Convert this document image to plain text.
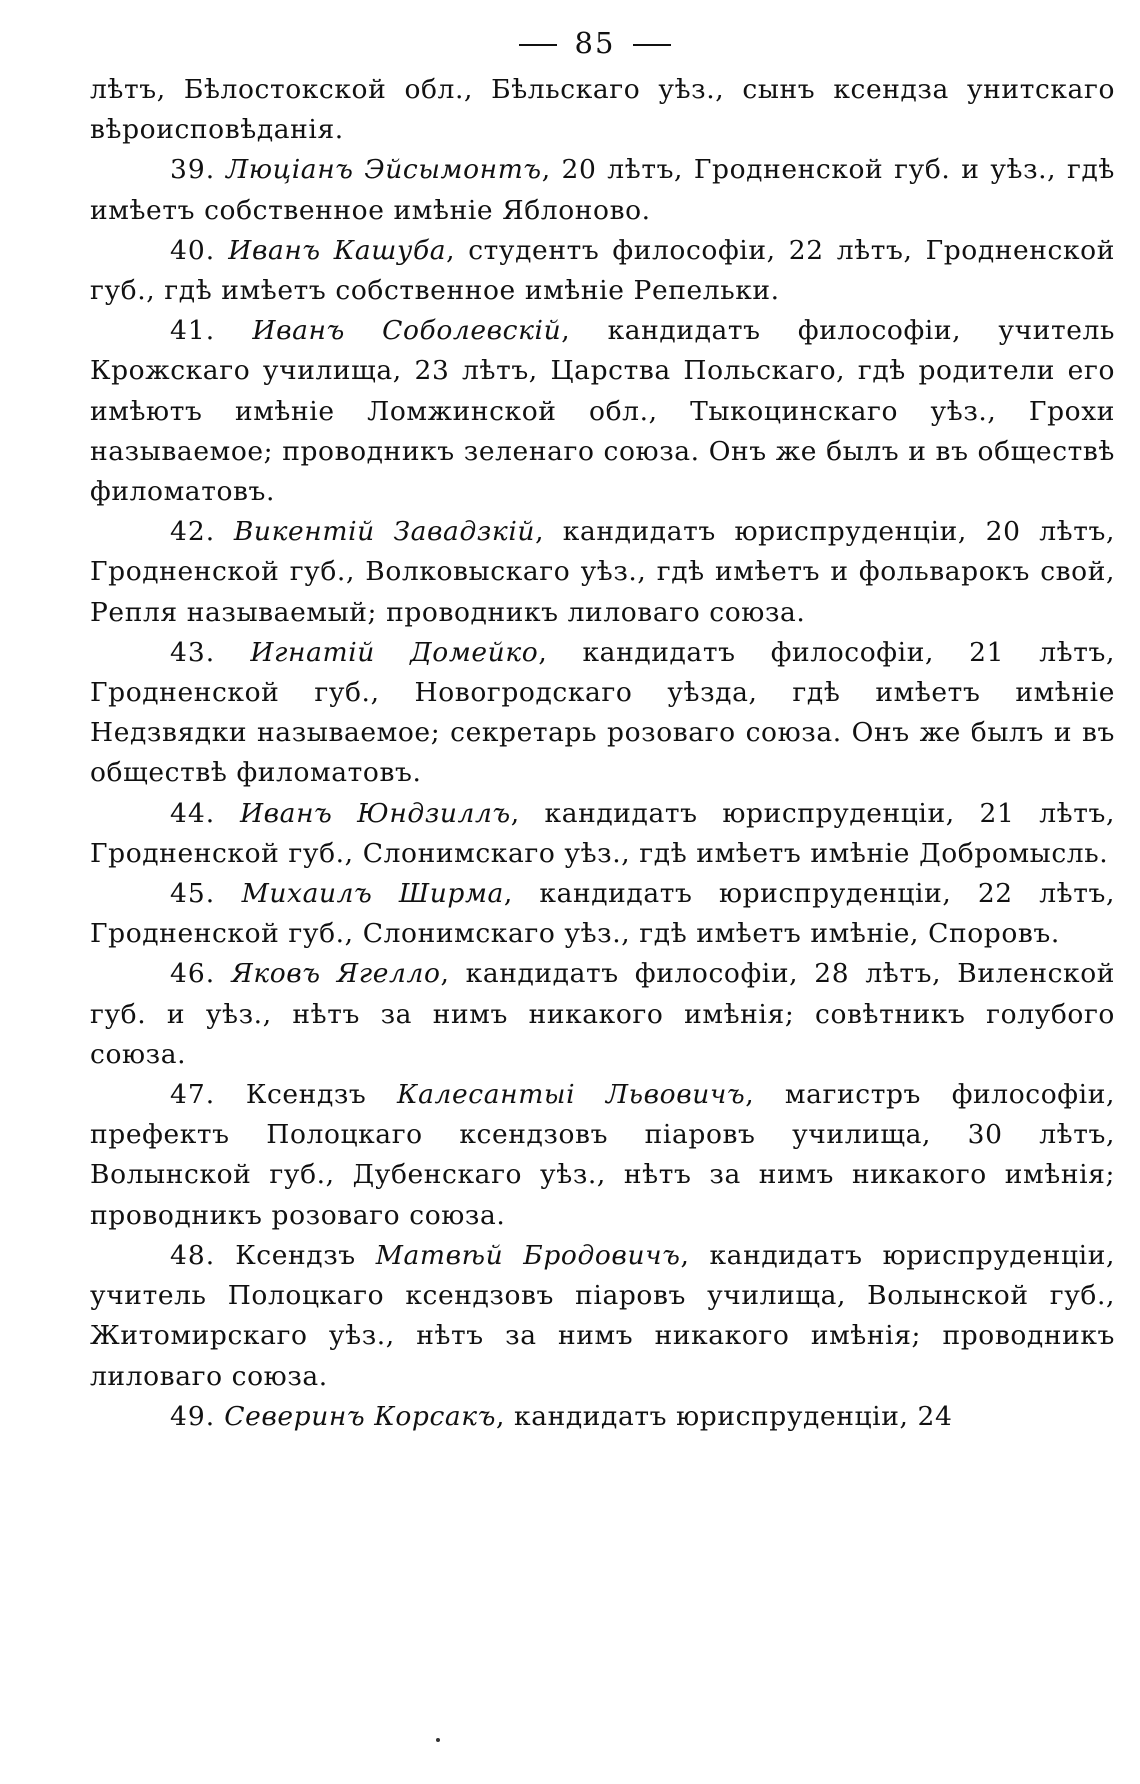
85

лѣтъ, Бѣлостокской обл., Бѣльскаго уѣз., сынъ ксендза унитскаго вѣроисповѣданія.

39. Люціанъ Эйсымонтъ, 20 лѣтъ, Гродненской губ. и уѣз., гдѣ имѣетъ собственное имѣніе Яблоново.

40. Иванъ Кашуба, студентъ философіи, 22 лѣтъ, Гродненской губ., гдѣ имѣетъ собственное имѣніе Репельки.

41. Иванъ Соболевскій, кандидатъ философіи, учитель Крожскаго училища, 23 лѣтъ, Царства Польскаго, гдѣ родители его имѣютъ имѣніе Ломжинской обл., Тыкоцинскаго уѣз., Грохи называемое; проводникъ зеленаго союза. Онъ же былъ и въ обществѣ филоматовъ.

42. Викентій Завадзкій, кандидатъ юриспруденціи, 20 лѣтъ, Гродненской губ., Волковыскаго уѣз., гдѣ имѣетъ и фольварокъ свой, Репля называемый; проводникъ лиловаго союза.

43. Игнатій Домейко, кандидатъ философіи, 21 лѣтъ, Гродненской губ., Новогродскаго уѣзда, гдѣ имѣетъ имѣніе Недзвядки называемое; секретарь розоваго союза. Онъ же былъ и въ обществѣ филоматовъ.

44. Иванъ Юндзиллъ, кандидатъ юриспруденціи, 21 лѣтъ, Гродненской губ., Слонимскаго уѣз., гдѣ имѣетъ имѣніе Добромысль.

45. Михаилъ Ширма, кандидатъ юриспруденціи, 22 лѣтъ, Гродненской губ., Слонимскаго уѣз., гдѣ имѣетъ имѣніе, Споровъ.

46. Яковъ Ягелло, кандидатъ философіи, 28 лѣтъ, Виленской губ. и уѣз., нѣтъ за нимъ никакого имѣнія; совѣтникъ голубого союза.

47. Ксендзъ Калесантыі Львовичъ, магистръ философіи, префектъ Полоцкаго ксендзовъ піаровъ училища, 30 лѣтъ, Волынской губ., Дубенскаго уѣз., нѣтъ за нимъ никакого имѣнія; проводникъ розоваго союза.

48. Ксендзъ Матвѣй Бродовичъ, кандидатъ юриспруденціи, учитель Полоцкаго ксендзовъ піаровъ училища, Волынской губ., Житомирскаго уѣз., нѣтъ за нимъ никакого имѣнія; проводникъ лиловаго союза.

49. Северинъ Корсакъ, кандидатъ юриспруденціи, 24
